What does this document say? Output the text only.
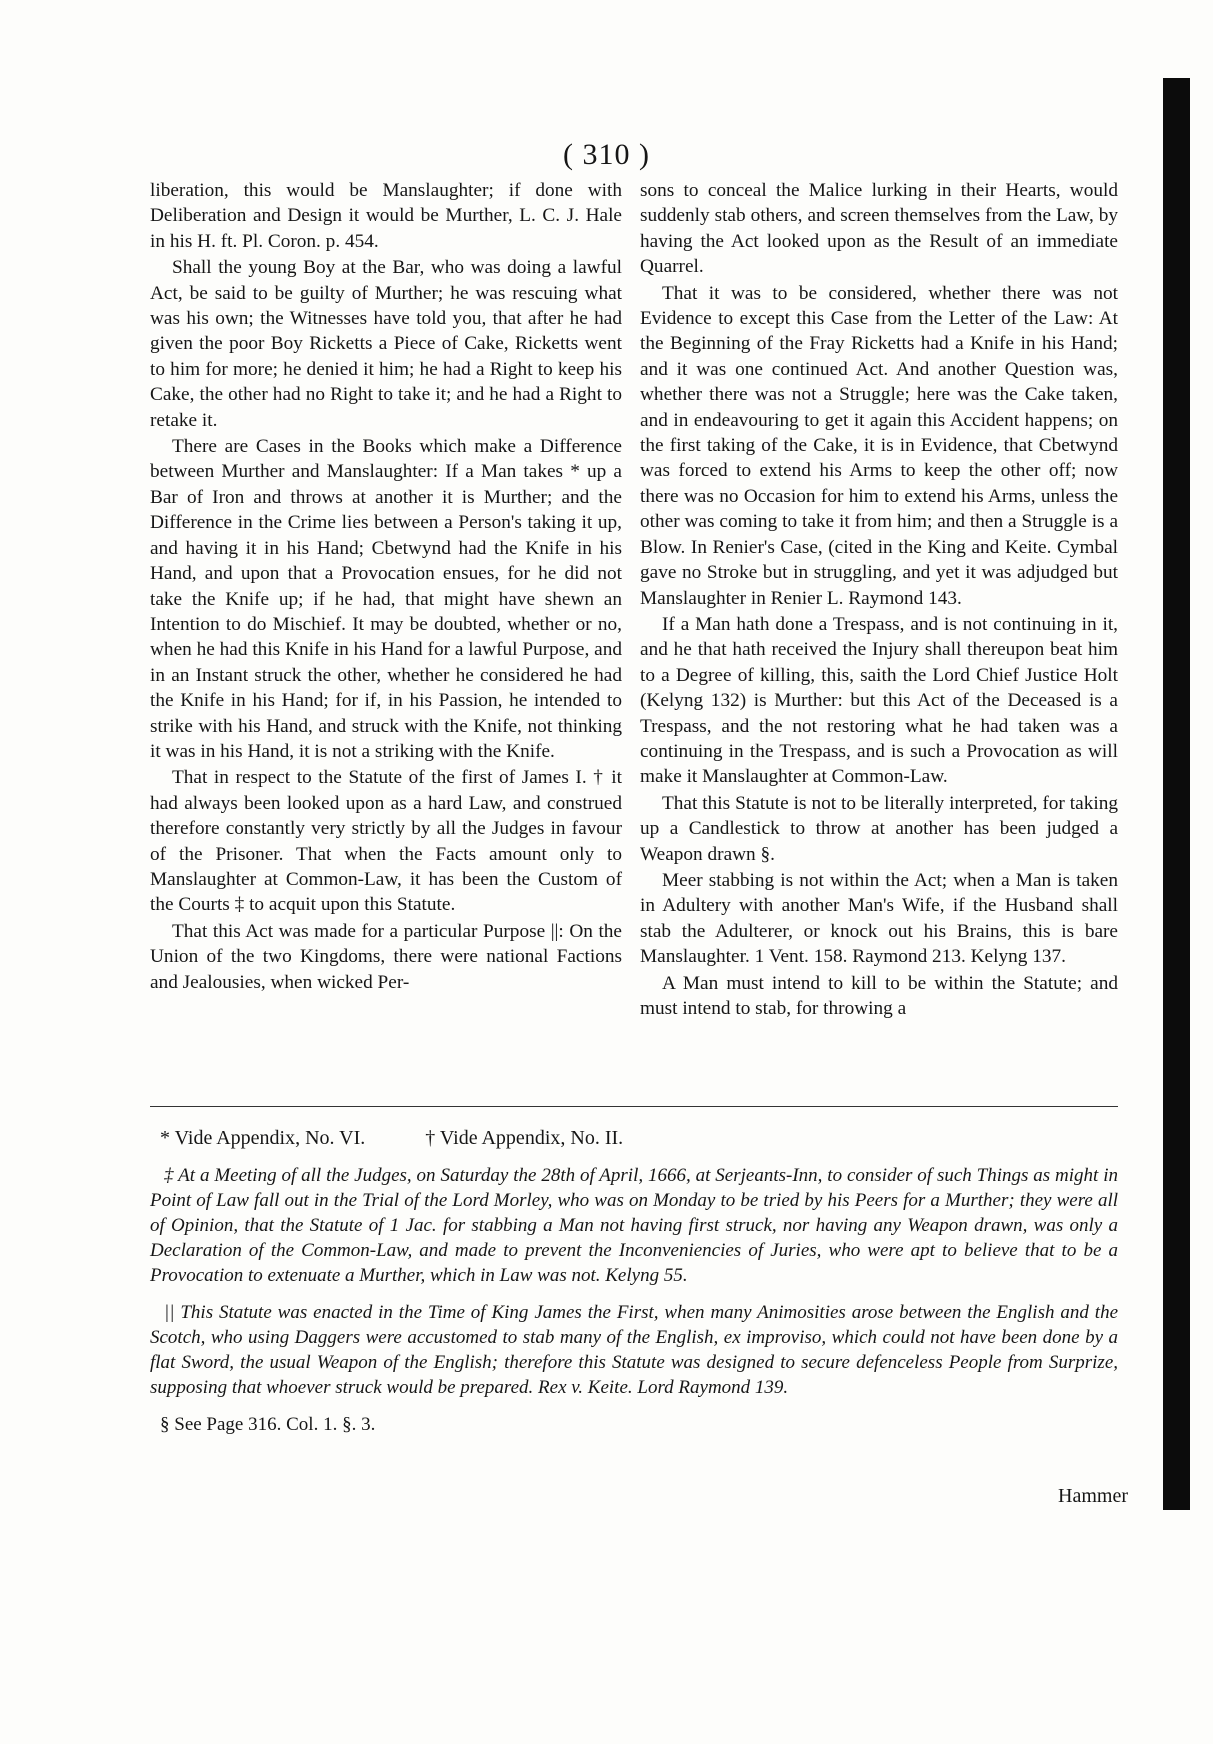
( 310 )

liberation, this would be Manslaughter; if done with Deliberation and Design it would be Murther, L. C. J. Hale in his H. ft. Pl. Coron. p. 454.

Shall the young Boy at the Bar, who was doing a lawful Act, be said to be guilty of Murther; he was rescuing what was his own; the Witnesses have told you, that after he had given the poor Boy Ricketts a Piece of Cake, Ricketts went to him for more; he denied it him; he had a Right to keep his Cake, the other had no Right to take it; and he had a Right to retake it.

There are Cases in the Books which make a Difference between Murther and Manslaughter: If a Man takes * up a Bar of Iron and throws at another it is Murther; and the Difference in the Crime lies between a Person's taking it up, and having it in his Hand; Cbetwynd had the Knife in his Hand, and upon that a Provocation ensues, for he did not take the Knife up; if he had, that might have shewn an Intention to do Mischief. It may be doubted, whether or no, when he had this Knife in his Hand for a lawful Purpose, and in an Instant struck the other, whether he considered he had the Knife in his Hand; for if, in his Passion, he intended to strike with his Hand, and struck with the Knife, not thinking it was in his Hand, it is not a striking with the Knife.

That in respect to the Statute of the first of James I. † it had always been looked upon as a hard Law, and construed therefore constantly very strictly by all the Judges in favour of the Prisoner. That when the Facts amount only to Manslaughter at Common-Law, it has been the Custom of the Courts ‡ to acquit upon this Statute.

That this Act was made for a particular Purpose ||: On the Union of the two Kingdoms, there were national Factions and Jealousies, when wicked Per-

sons to conceal the Malice lurking in their Hearts, would suddenly stab others, and screen themselves from the Law, by having the Act looked upon as the Result of an immediate Quarrel.

That it was to be considered, whether there was not Evidence to except this Case from the Letter of the Law: At the Beginning of the Fray Ricketts had a Knife in his Hand; and it was one continued Act. And another Question was, whether there was not a Struggle; here was the Cake taken, and in endeavouring to get it again this Accident happens; on the first taking of the Cake, it is in Evidence, that Cbetwynd was forced to extend his Arms to keep the other off; now there was no Occasion for him to extend his Arms, unless the other was coming to take it from him; and then a Struggle is a Blow. In Renier's Case, (cited in the King and Keite. Cymbal gave no Stroke but in struggling, and yet it was adjudged but Manslaughter in Renier L. Raymond 143.

If a Man hath done a Trespass, and is not continuing in it, and he that hath received the Injury shall thereupon beat him to a Degree of killing, this, saith the Lord Chief Justice Holt (Kelyng 132) is Murther: but this Act of the Deceased is a Trespass, and the not restoring what he had taken was a continuing in the Trespass, and is such a Provocation as will make it Manslaughter at Common-Law.

That this Statute is not to be literally interpreted, for taking up a Candlestick to throw at another has been judged a Weapon drawn §.

Meer stabbing is not within the Act; when a Man is taken in Adultery with another Man's Wife, if the Husband shall stab the Adulterer, or knock out his Brains, this is bare Manslaughter. 1 Vent. 158. Raymond 213. Kelyng 137.

A Man must intend to kill to be within the Statute; and must intend to stab, for throwing a

* Vide Appendix, No. VI.	† Vide Appendix, No. II.

‡ At a Meeting of all the Judges, on Saturday the 28th of April, 1666, at Serjeants-Inn, to consider of such Things as might in Point of Law fall out in the Trial of the Lord Morley, who was on Monday to be tried by his Peers for a Murther; they were all of Opinion, that the Statute of 1 Jac. for stabbing a Man not having first struck, nor having any Weapon drawn, was only a Declaration of the Common-Law, and made to prevent the Inconveniencies of Juries, who were apt to believe that to be a Provocation to extenuate a Murther, which in Law was not. Kelyng 55.

|| This Statute was enacted in the Time of King James the First, when many Animosities arose between the English and the Scotch, who using Daggers were accustomed to stab many of the English, ex improviso, which could not have been done by a flat Sword, the usual Weapon of the English; therefore this Statute was designed to secure defenceless People from Surprize, supposing that whoever struck would be prepared. Rex v. Keite. Lord Raymond 139.

§ See Page 316. Col. 1. §. 3.

Hammer
